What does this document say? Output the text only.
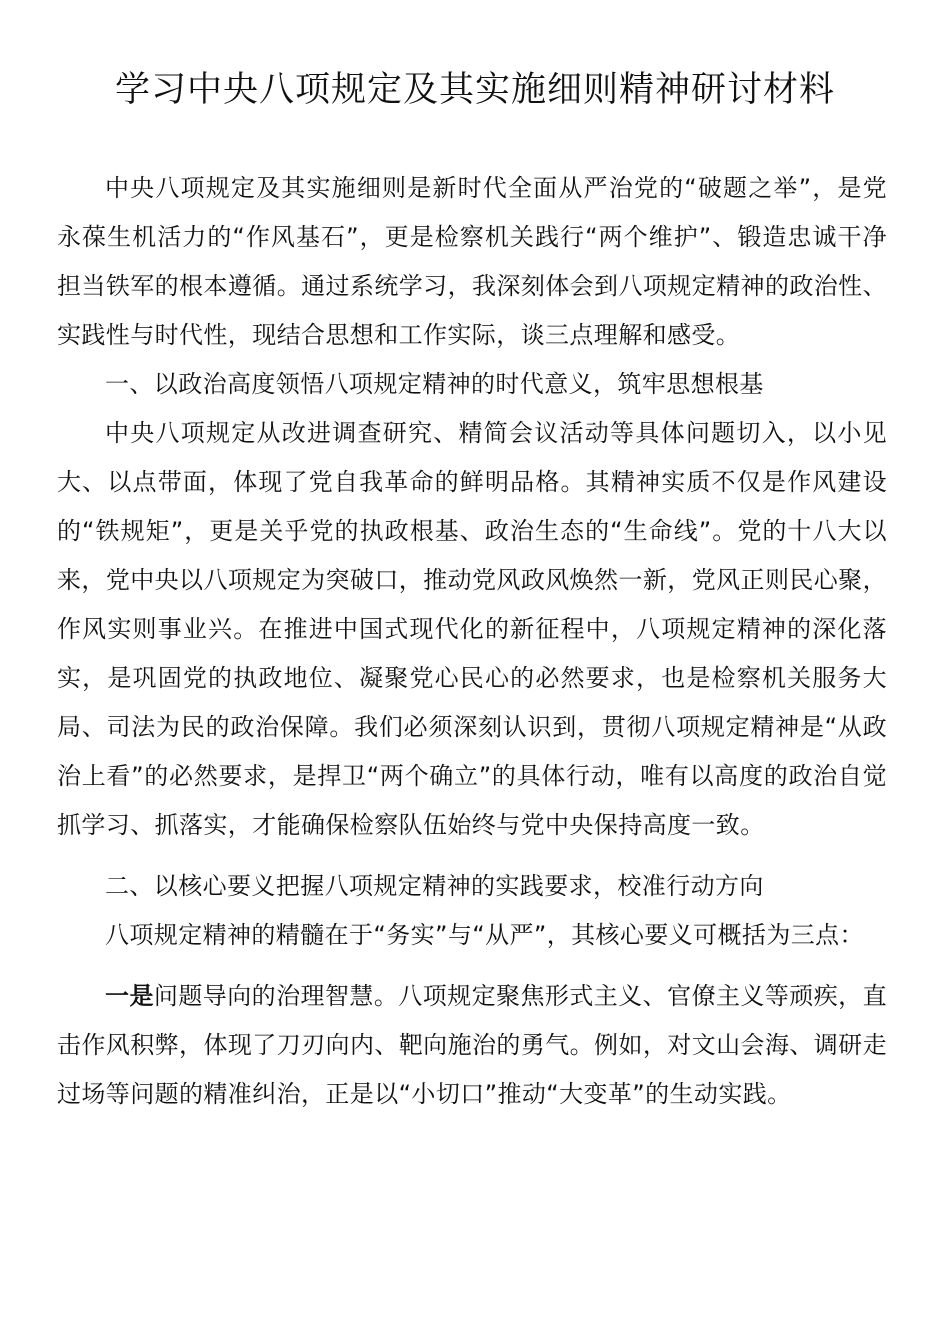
学习中央八项规定及其实施细则精神研讨材料

中央八项规定及其实施细则是新时代全面从严治党的“破题之举”，是党永葆生机活力的“作风基石”，更是检察机关践行“两个维护”、锻造忠诚干净担当铁军的根本遵循。通过系统学习，我深刻体会到八项规定精神的政治性、实践性与时代性，现结合思想和工作实际，谈三点理解和感受。

一、以政治高度领悟八项规定精神的时代意义，筑牢思想根基

中央八项规定从改进调查研究、精简会议活动等具体问题切入，以小见大、以点带面，体现了党自我革命的鲜明品格。其精神实质不仅是作风建设的“铁规矩”，更是关乎党的执政根基、政治生态的“生命线”。党的十八大以来，党中央以八项规定为突破口，推动党风政风焕然一新，党风正则民心聚，作风实则事业兴。在推进中国式现代化的新征程中，八项规定精神的深化落实，是巩固党的执政地位、凝聚党心民心的必然要求，也是检察机关服务大局、司法为民的政治保障。我们必须深刻认识到，贯彻八项规定精神是“从政治上看”的必然要求，是捍卫“两个确立”的具体行动，唯有以高度的政治自觉抓学习、抓落实，才能确保检察队伍始终与党中央保持高度一致。

二、以核心要义把握八项规定精神的实践要求，校准行动方向

八项规定精神的精髓在于“务实”与“从严”，其核心要义可概括为三点：

一是问题导向的治理智慧。八项规定聚焦形式主义、官僚主义等顽疾，直击作风积弊，体现了刀刃向内、靶向施治的勇气。例如，对文山会海、调研走过场等问题的精准纠治，正是以“小切口”推动“大变革”的生动实践。
